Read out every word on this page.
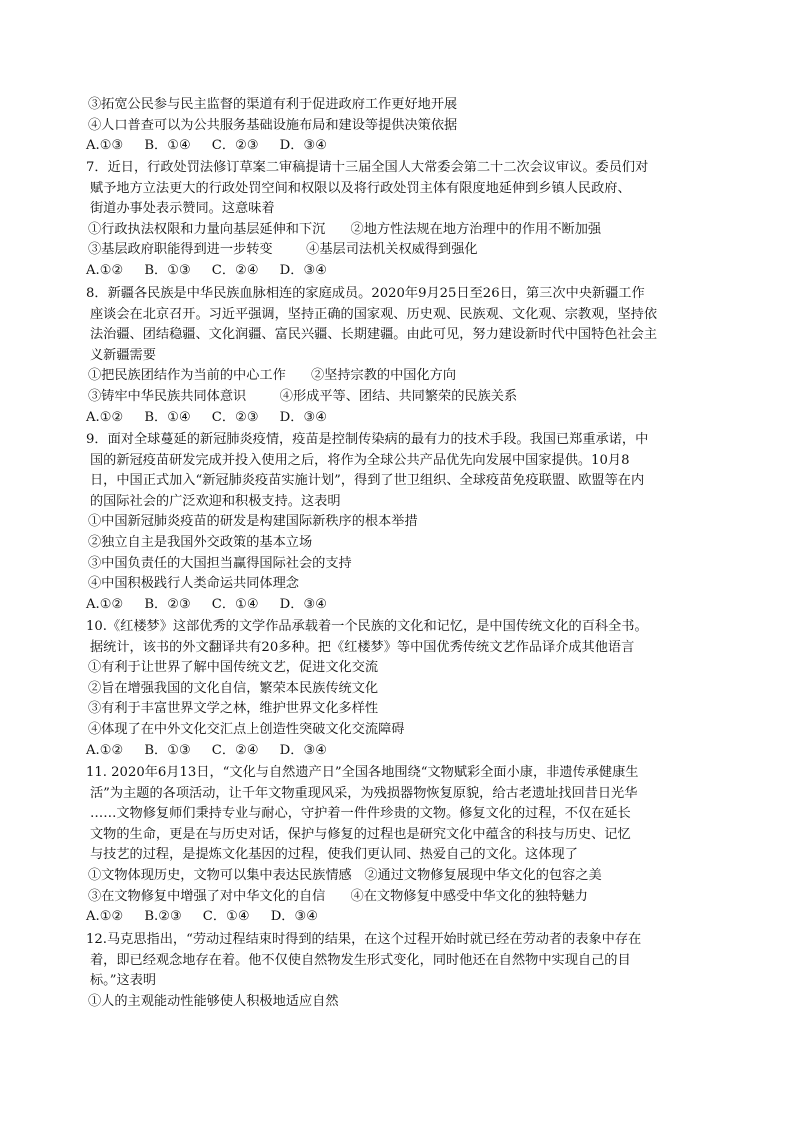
③拓宽公民参与民主监督的渠道有利于促进政府工作更好地开展
④人口普查可以为公共服务基础设施布局和建设等提供决策依据
A.①③     B．①④     C．②③     D．③④
7．近日，行政处罚法修订草案二审稿提请十三届全国人大常委会第二十二次会议审议。委员们对
赋予地方立法更大的行政处罚空间和权限以及将行政处罚主体有限度地延伸到乡镇人民政府、
街道办事处表示赞同。这意味着
①行政执法权限和力量向基层延伸和下沉      ②地方性法规在地方治理中的作用不断加强
③基层政府职能得到进一步转变        ④基层司法机关权威得到强化
A.①②     B．①③     C．②④     D．③④
8．新疆各民族是中华民族血脉相连的家庭成员。2020年9月25日至26日，第三次中央新疆工作
座谈会在北京召开。习近平强调，坚持正确的国家观、历史观、民族观、文化观、宗教观，坚持依
法治疆、团结稳疆、文化润疆、富民兴疆、长期建疆。由此可见，努力建设新时代中国特色社会主
义新疆需要
①把民族团结作为当前的中心工作      ②坚持宗教的中国化方向
③铸牢中华民族共同体意识        ④形成平等、团结、共同繁荣的民族关系
A.①②     B．①④     C．②③     D．③④
9．面对全球蔓延的新冠肺炎疫情，疫苗是控制传染病的最有力的技术手段。我国已郑重承诺，中
国的新冠疫苗研发完成并投入使用之后，将作为全球公共产品优先向发展中国家提供。10月8
日，中国正式加入“新冠肺炎疫苗实施计划”，得到了世卫组织、全球疫苗免疫联盟、欧盟等在内
的国际社会的广泛欢迎和积极支持。这表明
①中国新冠肺炎疫苗的研发是构建国际新秩序的根本举措
②独立自主是我国外交政策的基本立场
③中国负责任的大国担当赢得国际社会的支持
④中国积极践行人类命运共同体理念
A.①②     B．②③     C．①④     D．③④
10.《红楼梦》这部优秀的文学作品承载着一个民族的文化和记忆，是中国传统文化的百科全书。
据统计，该书的外文翻译共有20多种。把《红楼梦》等中国优秀传统文艺作品译介成其他语言
①有利于让世界了解中国传统文艺，促进文化交流
②旨在增强我国的文化自信，繁荣本民族传统文化
③有利于丰富世界文学之林，维护世界文化多样性
④体现了在中外文化交汇点上创造性突破文化交流障碍
A.①②     B．①③     C．②④     D．③④
11. 2020年6月13日，“文化与自然遗产日”全国各地围绕“文物赋彩全面小康，非遗传承健康生
活”为主题的各项活动，让千年文物重现风采，为残损器物恢复原貌，给古老遗址找回昔日光华
……文物修复师们秉持专业与耐心，守护着一件件珍贵的文物。修复文化的过程，不仅在延长
文物的生命，更是在与历史对话，保护与修复的过程也是研究文化中蕴含的科技与历史、记忆
与技艺的过程，是提炼文化基因的过程，使我们更认同、热爱自己的文化。这体现了
①文物体现历史，文物可以集中表达民族情感   ②通过文物修复展现中华文化的包容之美
③在文物修复中增强了对中华文化的自信      ④在文物修复中感受中华文化的独特魅力
A.①②     B.②③     C．①④     D．③④
12.马克思指出，“劳动过程结束时得到的结果，在这个过程开始时就已经在劳动者的表象中存在
着，即已经观念地存在着。他不仅使自然物发生形式变化，同时他还在自然物中实现自己的目
标。”这表明
①人的主观能动性能够使人积极地适应自然
